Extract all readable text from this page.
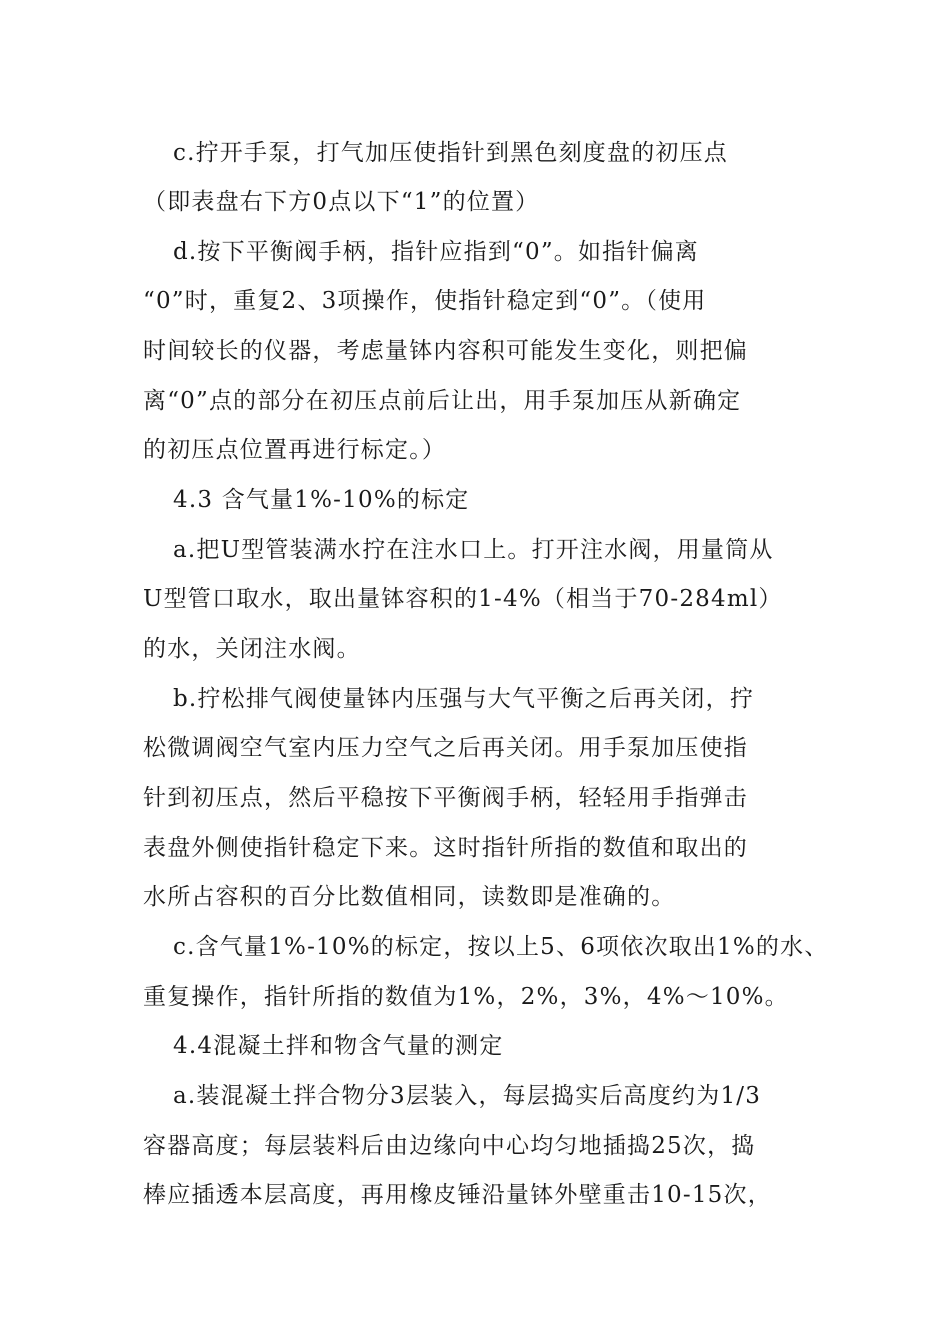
c.拧开手泵，打气加压使指针到黑色刻度盘的初压点
（即表盘右下方0点以下“1”的位置）
d.按下平衡阀手柄，指针应指到“0”。如指针偏离
“0”时，重复2、3项操作，使指针稳定到“0”。（使用
时间较长的仪器，考虑量钵内容积可能发生变化，则把偏
离“0”点的部分在初压点前后让出，用手泵加压从新确定
的初压点位置再进行标定。）
4.3 含气量1%-10%的标定
a.把U型管装满水拧在注水口上。打开注水阀，用量筒从
U型管口取水，取出量钵容积的1-4%（相当于70-284ml）
的水，关闭注水阀。
b.拧松排气阀使量钵内压强与大气平衡之后再关闭，拧
松微调阀空气室内压力空气之后再关闭。用手泵加压使指
针到初压点，然后平稳按下平衡阀手柄，轻轻用手指弹击
表盘外侧使指针稳定下来。这时指针所指的数值和取出的
水所占容积的百分比数值相同，读数即是准确的。
c.含气量1%-10%的标定，按以上5、6项依次取出1%的水、
重复操作，指针所指的数值为1%，2%，3%，4%～10%。
4.4混凝土拌和物含气量的测定
a.装混凝土拌合物分3层装入，每层捣实后高度约为1/3
容器高度；每层装料后由边缘向中心均匀地插捣25次，捣
棒应插透本层高度，再用橡皮锤沿量钵外壁重击10-15次，
